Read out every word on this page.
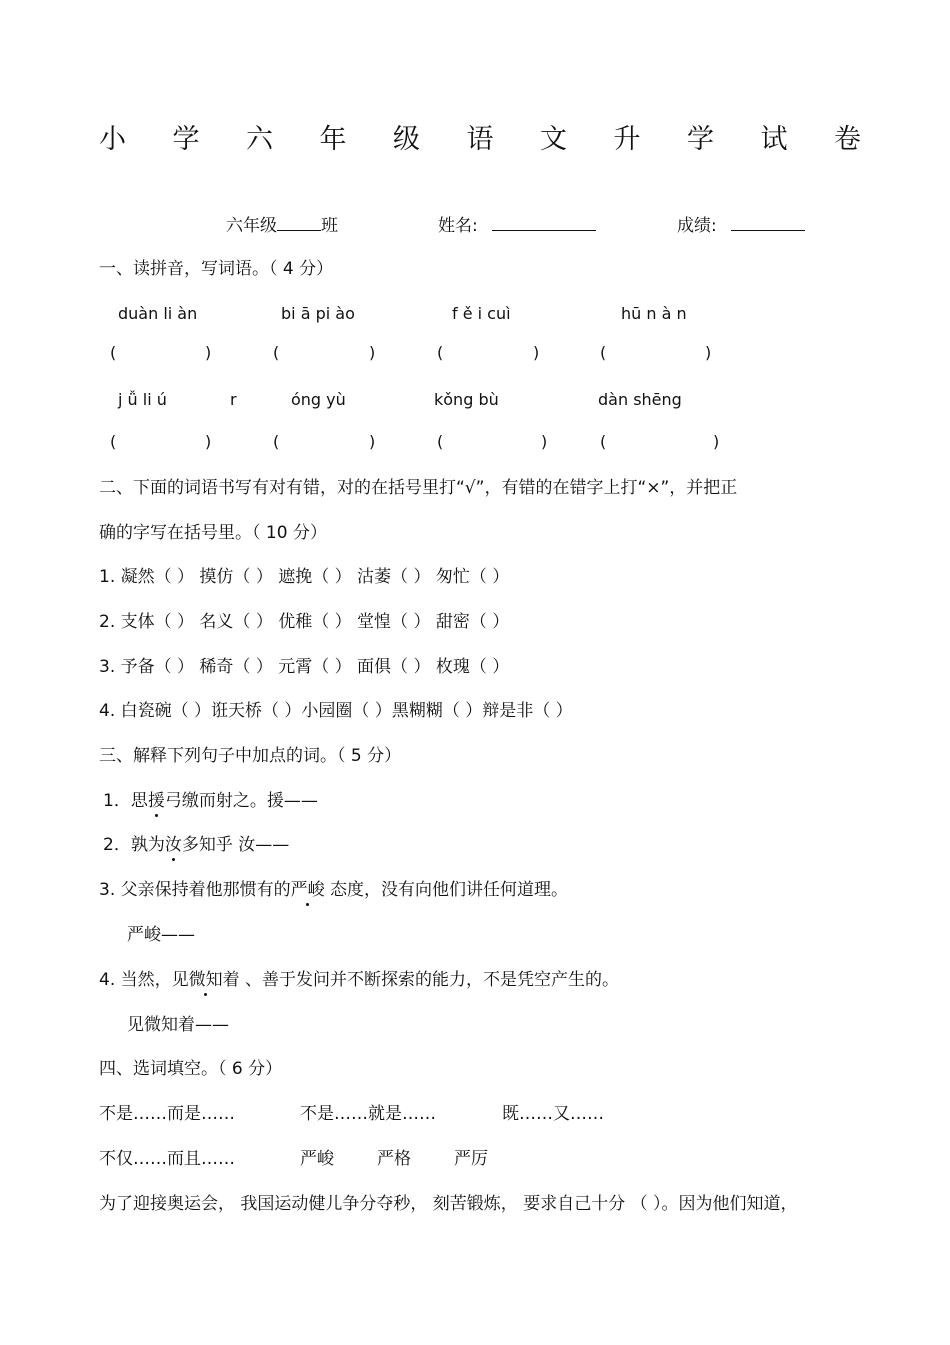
小 学 六 年 级 语 文 升 学 试 卷
六年级	班	姓名:	成绩:
一、读拼音，写词语。（ 4 分）
duàn li àn	bi ā pi ào	f ě i cuì	hū n à n
(	)	(	)	(	)	(	)
j ǚ li ú	r	óng yù	kǒng bù	dàn shēng
(	)	(	)	(	)	(	)
二、下面的词语书写有对有错，对的在括号里打“√”，有错的在错字上打“×”，并把正
确的字写在括号里。（ 10 分）
1. 凝然（ ） 摸仿（ ） 遮挽（ ） 沽萎（ ） 匆忙（ ）
2. 支体（ ） 名义（ ） 优稚（ ） 堂惶（ ） 甜密（ ）
3. 予备（ ） 稀奇（ ） 元霄（ ） 面俱（ ） 枚瑰（ ）
4. 白瓷碗（ ）诳天桥（ ）小园圈（ ）黑糊糊（ ）辩是非（ ）
三、解释下列句子中加点的词。（ 5 分）
1．思援弓缴而射之。援——
2．孰为汝多知乎 汝——
3. 父亲保持着他那惯有的严峻 态度，没有向他们讲任何道理。
严峻——
4. 当然，见微知着 、善于发问并不断探索的能力，不是凭空产生的。
见微知着——
四、选词填空。（ 6 分）
不是……而是……	不是……就是……	既……又……
不仅……而且……	严峻	严格	严厉
为了迎接奥运会， 我国运动健儿争分夺秒， 刻苦锻炼， 要求自己十分 （ ）。因为他们知道，
